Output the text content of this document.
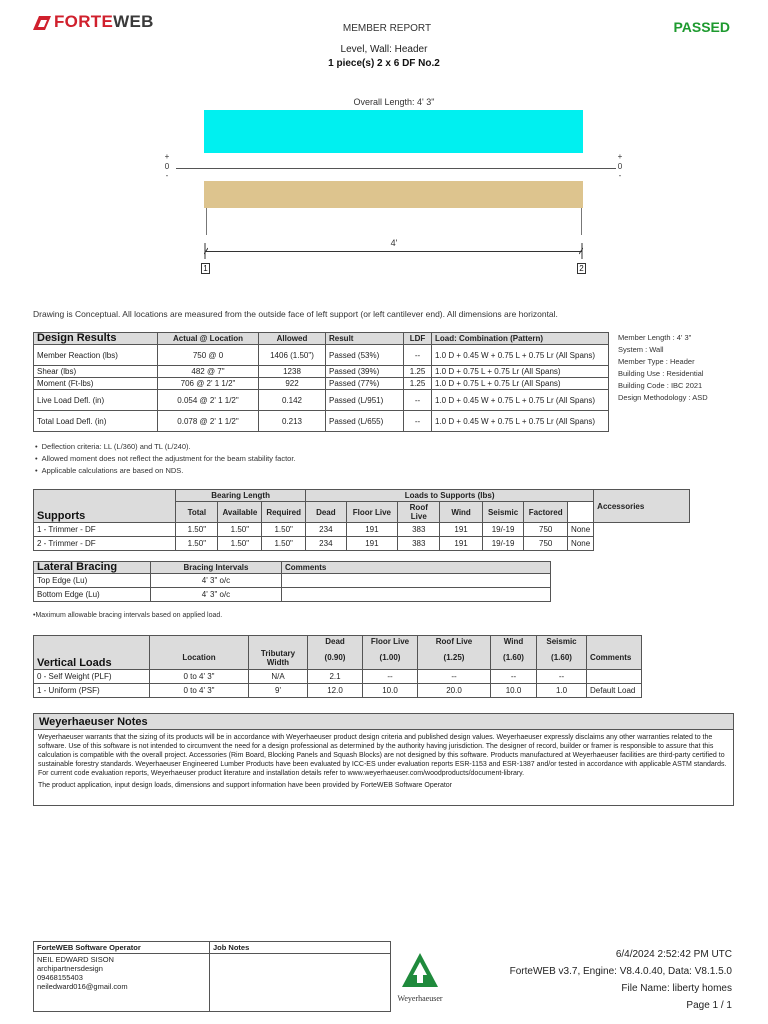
FORTEWEB	MEMBER REPORT	PASSED
Level, Wall: Header
1 piece(s) 2 x 6 DF No.2
Overall Length: 4' 3"
+
0
-
+
0
-
4'
1	2
Drawing is Conceptual. All locations are measured from the outside face of left support (or left cantilever end). All dimensions are horizontal.
Design Results	Actual @ Location	Allowed	Result	LDF	Load: Combination (Pattern)
Member Reaction (lbs)	750 @ 0	1406 (1.50")	Passed (53%)	--	1.0 D + 0.45 W + 0.75 L + 0.75 Lr (All Spans)
Shear (lbs)	482 @ 7"	1238	Passed (39%)	1.25	1.0 D + 0.75 L + 0.75 Lr (All Spans)
Moment (Ft-lbs)	706 @ 2' 1 1/2"	922	Passed (77%)	1.25	1.0 D + 0.75 L + 0.75 Lr (All Spans)
Live Load Defl. (in)	0.054 @ 2' 1 1/2"	0.142	Passed (L/951)	--	1.0 D + 0.45 W + 0.75 L + 0.75 Lr (All Spans)
Total Load Defl. (in)	0.078 @ 2' 1 1/2"	0.213	Passed (L/655)	--	1.0 D + 0.45 W + 0.75 L + 0.75 Lr (All Spans)
Member Length : 4' 3"
System : Wall
Member Type : Header
Building Use : Residential
Building Code : IBC 2021
Design Methodology : ASD
• Deflection criteria: LL (L/360) and TL (L/240).
• Allowed moment does not reflect the adjustment for the beam stability factor.
• Applicable calculations are based on NDS.
Supports	Bearing Length			Loads to Supports (lbs)							Accessories
	Total	Available	Required	Dead	Floor Live	Roof Live	Wind	Seismic	Factored		
1 - Trimmer - DF	1.50"	1.50"	1.50"	234	191	383	191	19/-19	750	None	
2 - Trimmer - DF	1.50"	1.50"	1.50"	234	191	383	191	19/-19	750	None	
Lateral Bracing	Bracing Intervals	Comments
Top Edge (Lu)	4' 3" o/c	
Bottom Edge (Lu)	4' 3" o/c	
•Maximum allowable bracing intervals based on applied load.
Vertical Loads			Dead	Floor Live	Roof Live	Wind	Seismic	
	Location	Tributary Width	(0.90)	(1.00)	(1.25)	(1.60)	(1.60)	Comments
0 - Self Weight (PLF)	0 to 4' 3"	N/A	2.1	--	--	--	--	
1 - Uniform (PSF)	0 to 4' 3"	9'	12.0	10.0	20.0	10.0	1.0	Default Load
Weyerhaeuser Notes
Weyerhaeuser warrants that the sizing of its products will be in accordance with Weyerhaeuser product design criteria and published design values. Weyerhaeuser expressly disclaims any other warranties related to the software. Use of this software is not intended to circumvent the need for a design professional as determined by the authority having jurisdiction. The designer of record, builder or framer is responsible to assure that this calculation is compatible with the overall project. Accessories (Rim Board, Blocking Panels and Squash Blocks) are not designed by this software. Products manufactured at Weyerhaeuser facilities are third-party certified to sustainable forestry standards. Weyerhaeuser Engineered Lumber Products have been evaluated by ICC-ES under evaluation reports ESR-1153 and ESR-1387 and/or tested in accordance with applicable ASTM standards. For current code evaluation reports, Weyerhaeuser product literature and installation details refer to www.weyerhaeuser.com/woodproducts/document-library.
The product application, input design loads, dimensions and support information have been provided by ForteWEB Software Operator
ForteWEB Software Operator	Job Notes

NEIL EDWARD SISON
archipartnersdesign
09468155403
neiledward016@gmail.com	

Weyerhaeuser
6/4/2024 2:52:42 PM UTC
ForteWEB v3.7, Engine: V8.4.0.40, Data: V8.1.5.0
File Name: liberty homes
Page 1 / 1
